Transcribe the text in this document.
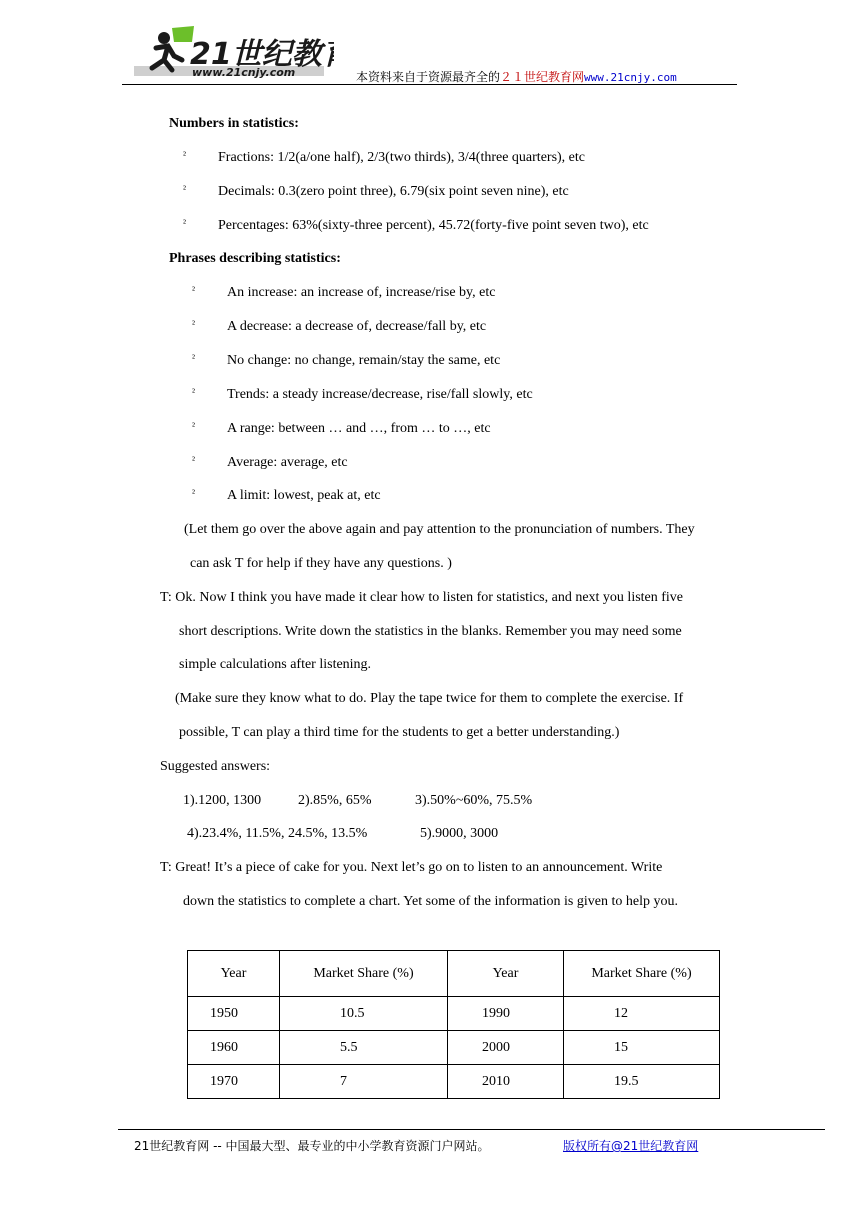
21世纪教
www.21cnjy.com	本资料来自于资源最齐全的２１世纪教育网www.21cnjy.com
Numbers in statistics:
² Fractions: 1/2(a/one half), 2/3(two thirds), 3/4(three quarters), etc
² Decimals: 0.3(zero point three), 6.79(six point seven nine), etc
² Percentages: 63%(sixty-three percent), 45.72(forty-five point seven two), etc
Phrases describing statistics:
² An increase: an increase of, increase/rise by, etc
² A decrease: a decrease of, decrease/fall by, etc
² No change: no change, remain/stay the same, etc
² Trends: a steady increase/decrease, rise/fall slowly, etc
² A range: between … and …, from … to …, etc
² Average: average, etc
² A limit: lowest, peak at, etc
(Let them go over the above again and pay attention to the pronunciation of numbers. They
can ask T for help if they have any questions. )
T: Ok. Now I think you have made it clear how to listen for statistics, and next you listen five
short descriptions. Write down the statistics in the blanks. Remember you may need some
simple calculations after listening.
(Make sure they know what to do. Play the tape twice for them to complete the exercise. If
possible, T can play a third time for the students to get a better understanding.)
Suggested answers:
1).1200, 1300	2).85%, 65%	3).50%~60%, 75.5%
4).23.4%, 11.5%, 24.5%, 13.5%	5).9000, 3000
T: Great! It’s a piece of cake for you. Next let’s go on to listen to an announcement. Write
down the statistics to complete a chart. Yet some of the information is given to help you.
Year	Market Share (%)	Year	Market Share (%)
1950	10.5	1990	12
1960	5.5	2000	15
1970	7	2010	19.5
21世纪教育网 -- 中国最大型、最专业的中小学教育资源门户网站。	版权所有@21世纪教育网
